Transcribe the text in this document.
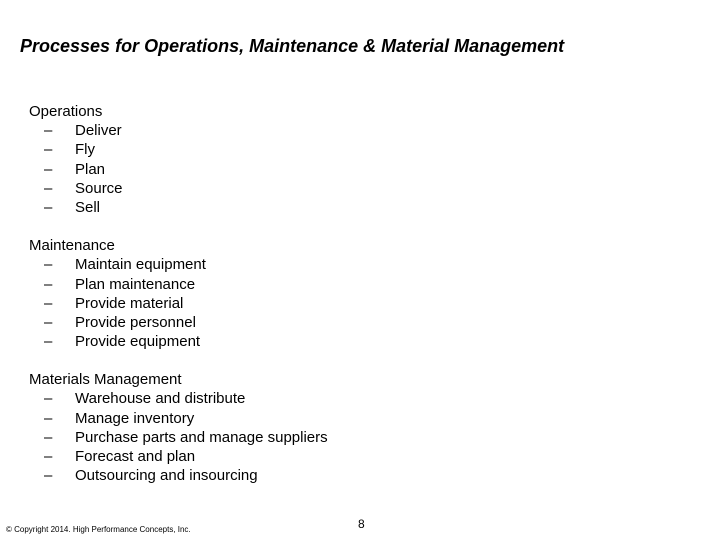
Processes for Operations, Maintenance & Material Management
Operations
– Deliver
– Fly
– Plan
– Source
– Sell
Maintenance
– Maintain equipment
– Plan maintenance
– Provide material
– Provide personnel
– Provide equipment
Materials Management
– Warehouse and distribute
– Manage inventory
– Purchase parts and manage suppliers
– Forecast and plan
– Outsourcing and insourcing
© Copyright 2014. High Performance Concepts, Inc.	8
